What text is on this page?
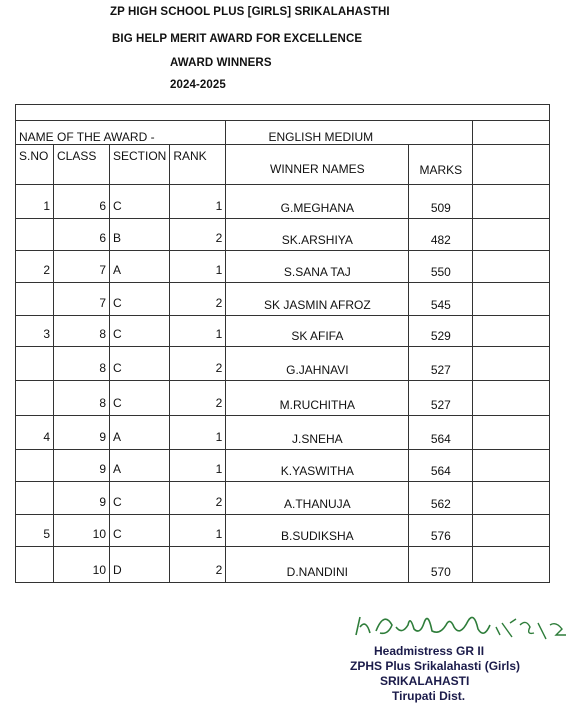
ZP HIGH SCHOOL PLUS [GIRLS] SRIKALAHASTHI
BIG HELP MERIT AWARD FOR EXCELLENCE
AWARD WINNERS
2024-2025

NAME OF THE AWARD -				ENGLISH MEDIUM		
S.NO	CLASS	SECTION	RANK	WINNER NAMES	MARKS	
1	6	C	1	G.MEGHANA	509	
	6	B	2	SK.ARSHIYA	482	
2	7	A	1	S.SANA TAJ	550	
	7	C	2	SK JASMIN AFROZ	545	
3	8	C	1	SK AFIFA	529	
	8	C	2	G.JAHNAVI	527	
	8	C	2	M.RUCHITHA	527	
4	9	A	1	J.SNEHA	564	
	9	A	1	K.YASWITHA	564	
	9	C	2	A.THANUJA	562	
5	10	C	1	B.SUDIKSHA	576	
	10	D	2	D.NANDINI	570	
Headmistress GR II
ZPHS Plus Srikalahasti (Girls)
SRIKALAHASTI
Tirupati Dist.
